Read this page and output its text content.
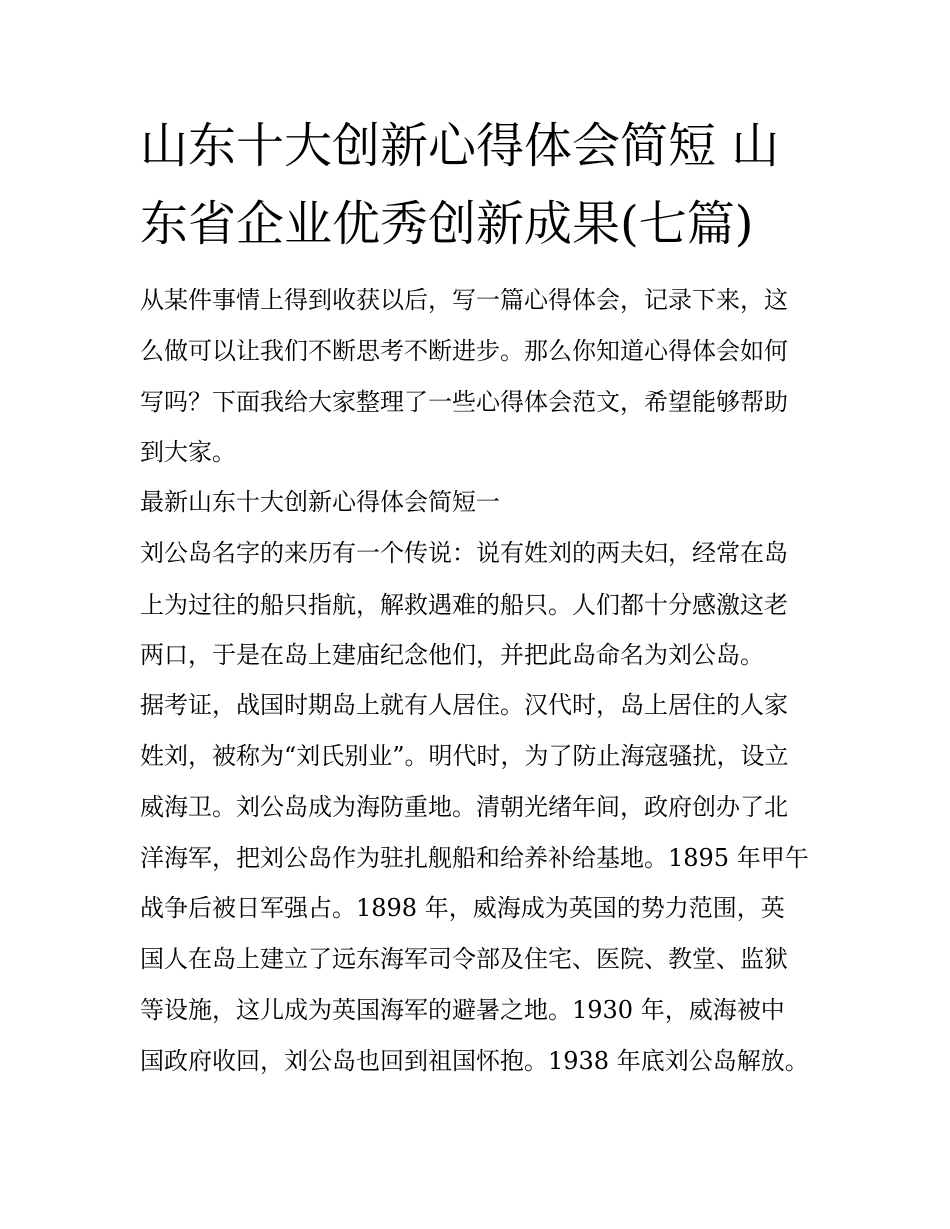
山东十大创新心得体会简短 山
东省企业优秀创新成果(七篇)
从某件事情上得到收获以后，写一篇心得体会，记录下来，这
么做可以让我们不断思考不断进步。那么你知道心得体会如何
写吗？下面我给大家整理了一些心得体会范文，希望能够帮助
到大家。
最新山东十大创新心得体会简短一
刘公岛名字的来历有一个传说：说有姓刘的两夫妇，经常在岛
上为过往的船只指航，解救遇难的船只。人们都十分感激这老
两口，于是在岛上建庙纪念他们，并把此岛命名为刘公岛。
据考证，战国时期岛上就有人居住。汉代时，岛上居住的人家
姓刘，被称为“刘氏别业”。明代时，为了防止海寇骚扰，设立
威海卫。刘公岛成为海防重地。清朝光绪年间，政府创办了北
洋海军，把刘公岛作为驻扎舰船和给养补给基地。1895 年甲午
战争后被日军强占。1898 年，威海成为英国的势力范围，英
国人在岛上建立了远东海军司令部及住宅、医院、教堂、监狱
等设施，这儿成为英国海军的避暑之地。1930 年，威海被中
国政府收回，刘公岛也回到祖国怀抱。1938 年底刘公岛解放。
